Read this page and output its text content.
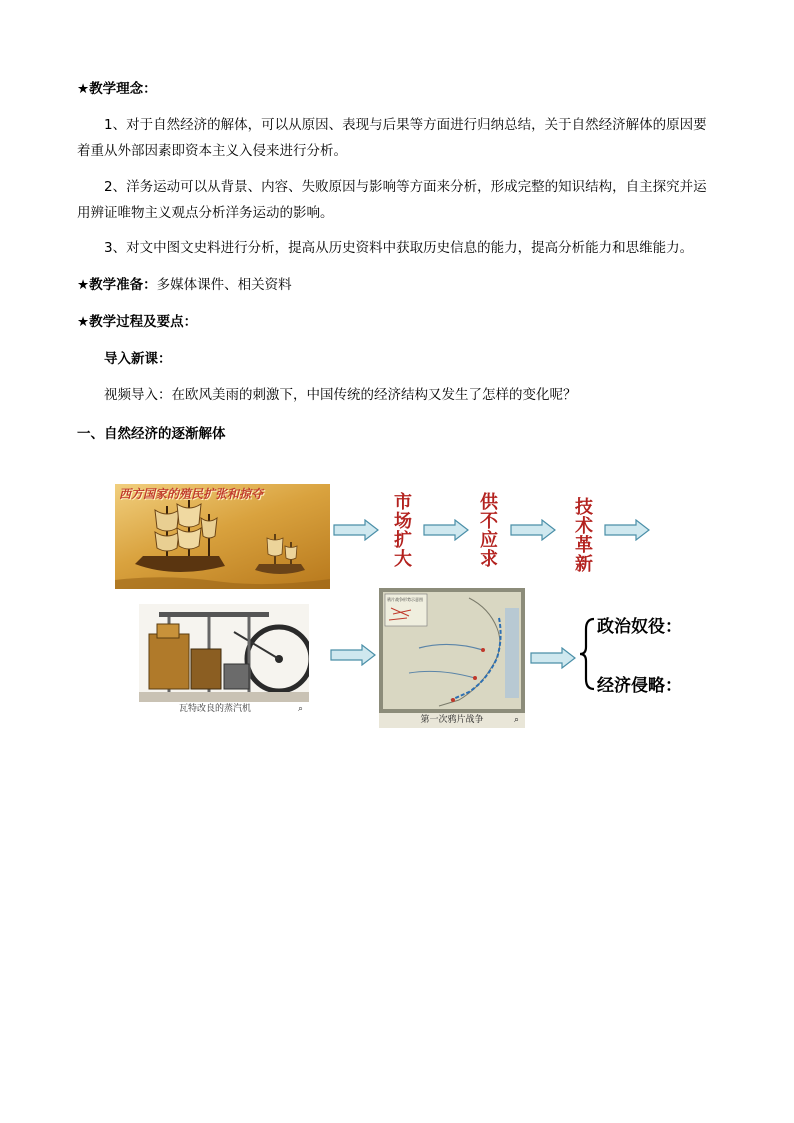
★教学理念：
1、对于自然经济的解体，可以从原因、表现与后果等方面进行归纳总结，关于自然经济解体的原因要着重从外部因素即资本主义入侵来进行分析。
2、洋务运动可以从背景、内容、失败原因与影响等方面来分析，形成完整的知识结构，自主探究并运用辨证唯物主义观点分析洋务运动的影响。
3、对文中图文史料进行分析，提高从历史资料中获取历史信息的能力，提高分析能力和思维能力。
★教学准备：多媒体课件、相关资料
★教学过程及要点：
导入新课：
视频导入：在欧风美雨的刺激下，中国传统的经济结构又发生了怎样的变化呢？
一、自然经济的逐渐解体
西方国家的殖民扩张和掠夺	市场扩大
供不应求
技术革新
瓦特改良的蒸汽机	⌕
鸦片战争形势示意图
第一次鸦片战争	⌕
政治奴役：
经济侵略：
